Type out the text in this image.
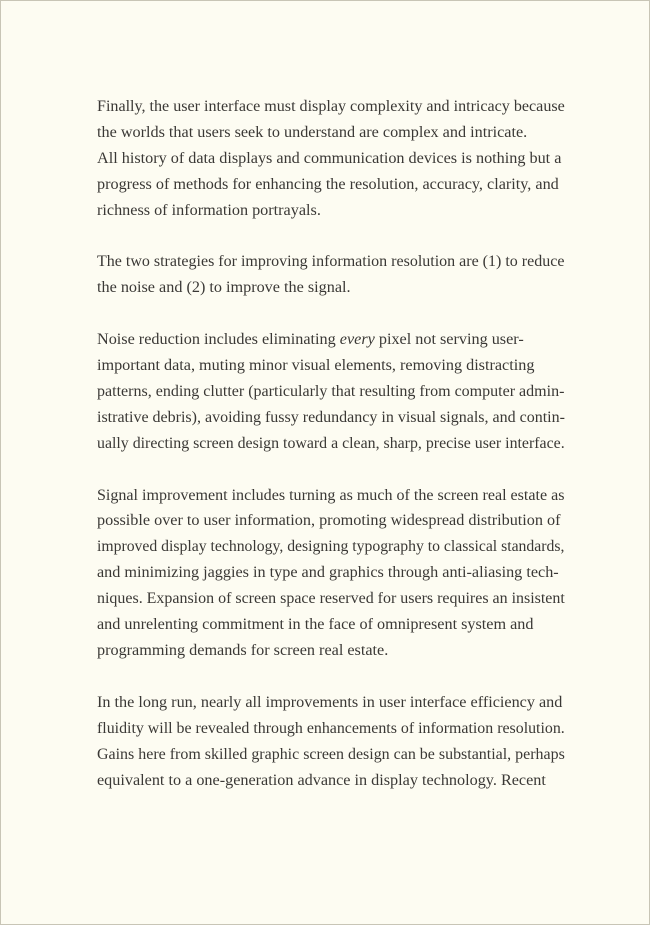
Finally, the user interface must display complexity and intricacy because
the worlds that users seek to understand are complex and intricate.
All history of data displays and communication devices is nothing but a
progress of methods for enhancing the resolution, accuracy, clarity, and
richness of information portrayals.

The two strategies for improving information resolution are (1) to reduce
the noise and (2) to improve the signal.

Noise reduction includes eliminating every pixel not serving user-
important data, muting minor visual elements, removing distracting
patterns, ending clutter (particularly that resulting from computer admin-
istrative debris), avoiding fussy redundancy in visual signals, and contin-
ually directing screen design toward a clean, sharp, precise user interface.

Signal improvement includes turning as much of the screen real estate as
possible over to user information, promoting widespread distribution of
improved display technology, designing typography to classical standards,
and minimizing jaggies in type and graphics through anti-aliasing tech-
niques. Expansion of screen space reserved for users requires an insistent
and unrelenting commitment in the face of omnipresent system and
programming demands for screen real estate.

In the long run, nearly all improvements in user interface efficiency and
fluidity will be revealed through enhancements of information resolution.
Gains here from skilled graphic screen design can be substantial, perhaps
equivalent to a one-generation advance in display technology. Recent
